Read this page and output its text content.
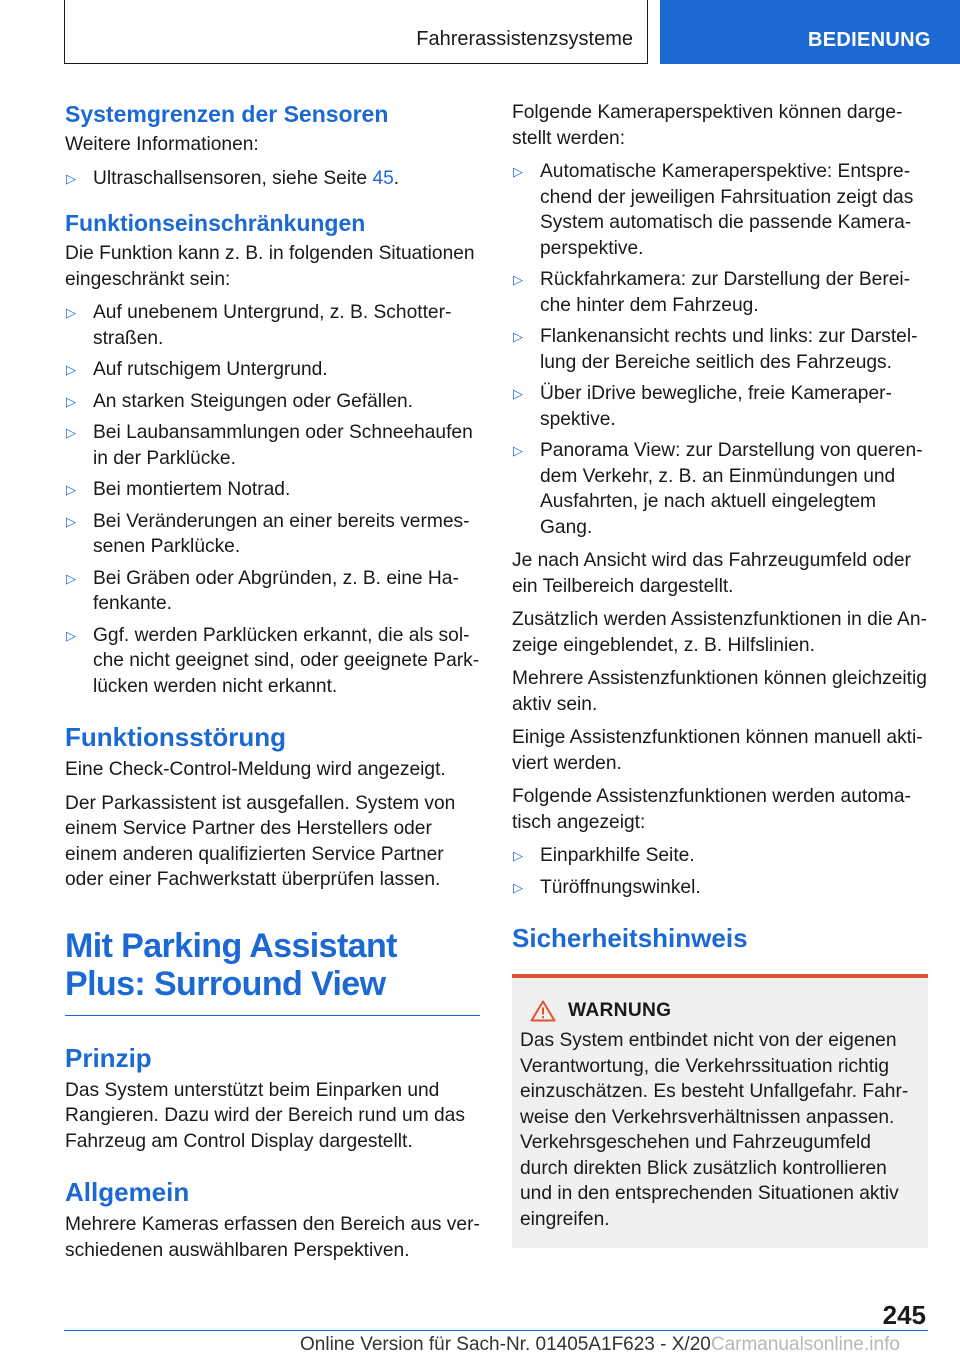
Fahrerassistenzsysteme	BEDIENUNG
Systemgrenzen der Sensoren

Weitere Informationen:

▷ Ultraschallsensoren, siehe Seite 45.
Funktionseinschränkungen

Die Funktion kann z. B. in folgenden Situationen eingeschränkt sein:

▷ Auf unebenem Untergrund, z. B. Schotterstraßen.
▷ Auf rutschigem Untergrund.
▷ An starken Steigungen oder Gefällen.
▷ Bei Laubansammlungen oder Schneehaufen in der Parklücke.
▷ Bei montiertem Notrad.
▷ Bei Veränderungen an einer bereits vermessenen Parklücke.
▷ Bei Gräben oder Abgründen, z. B. eine Hafenkante.
▷ Ggf. werden Parklücken erkannt, die als solche nicht geeignet sind, oder geeignete Parklücken werden nicht erkannt.
Funktionsstörung

Eine Check-Control-Meldung wird angezeigt.

Der Parkassistent ist ausgefallen. System von einem Service Partner des Herstellers oder einem anderen qualifizierten Service Partner oder einer Fachwerkstatt überprüfen lassen.

Mit Parking Assistant Plus: Surround View
Prinzip

Das System unterstützt beim Einparken und Rangieren. Dazu wird der Bereich rund um das Fahrzeug am Control Display dargestellt.

Allgemein

Mehrere Kameras erfassen den Bereich aus verschiedenen auswählbaren Perspektiven.

Folgende Kameraperspektiven können dargestellt werden:

▷ Automatische Kameraperspektive: Entsprechend der jeweiligen Fahrsituation zeigt das System automatisch die passende Kameraperspektive.
▷ Rückfahrkamera: zur Darstellung der Bereiche hinter dem Fahrzeug.
▷ Flankenansicht rechts und links: zur Darstellung der Bereiche seitlich des Fahrzeugs.
▷ Über iDrive bewegliche, freie Kameraperspektive.
▷ Panorama View: zur Darstellung von querendem Verkehr, z. B. an Einmündungen und Ausfahrten, je nach aktuell eingelegtem Gang.

Je nach Ansicht wird das Fahrzeugumfeld oder ein Teilbereich dargestellt.

Zusätzlich werden Assistenzfunktionen in die Anzeige eingeblendet, z. B. Hilfslinien.

Mehrere Assistenzfunktionen können gleichzeitig aktiv sein.

Einige Assistenzfunktionen können manuell aktiviert werden.

Folgende Assistenzfunktionen werden automatisch angezeigt:

▷ Einparkhilfe Seite.
▷ Türöffnungswinkel.
Sicherheitshinweis
WARNUNG

Das System entbindet nicht von der eigenen Verantwortung, die Verkehrssituation richtig einzuschätzen. Es besteht Unfallgefahr. Fahrweise den Verkehrsverhältnissen anpassen. Verkehrsgeschehen und Fahrzeugumfeld durch direkten Blick zusätzlich kontrollieren und in den entsprechenden Situationen aktiv eingreifen.

245
Online Version für Sach-Nr. 01405A1F623 - X/20Carmanualsonline.info
